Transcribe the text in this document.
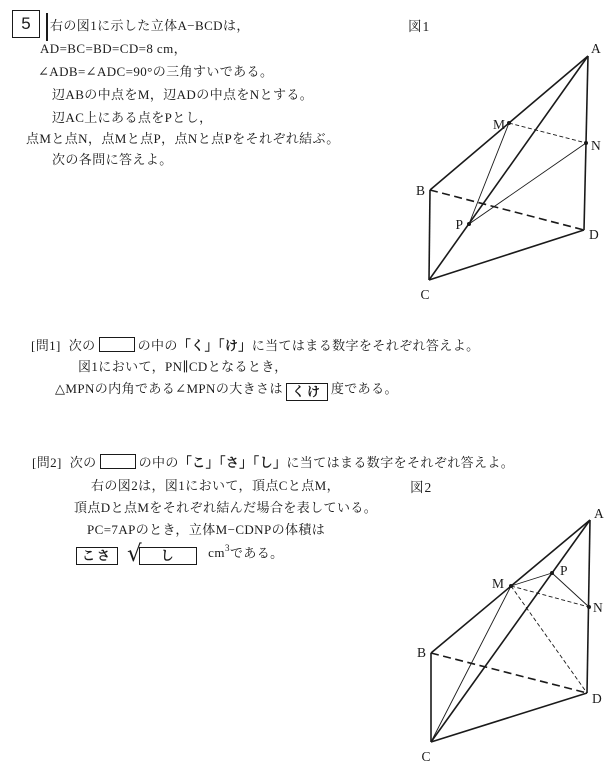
5	右の図1に示した立体A−BCDは，
AD=BC=BD=CD=8 cm，
∠ADB=∠ADC=90°の三角すいである。
辺ABの中点をM，辺ADの中点をNとする。
辺AC上にある点をPとし，
点Mと点N，点Mと点P，点Nと点Pをそれぞれ結ぶ。
次の各問に答えよ。
図1
A
M
N
B
P
D
C
[問1] 次の	の中の「く」「け」に当てはまる数字をそれぞれ答えよ。
図1において，PN∥CDとなるとき，
△MPNの内角である∠MPNの大きさは くけ 度である。
[問2] 次の	の中の「こ」「さ」「し」に当てはまる数字をそれぞれ答えよ。
右の図2は，図1において，頂点Cと点M，
頂点Dと点Mをそれぞれ結んだ場合を表している。
PC=7APのとき，立体M−CDNPの体積は
こさ √ し	$cm^3$である。
図2
A
P
M
N
B
D
C
